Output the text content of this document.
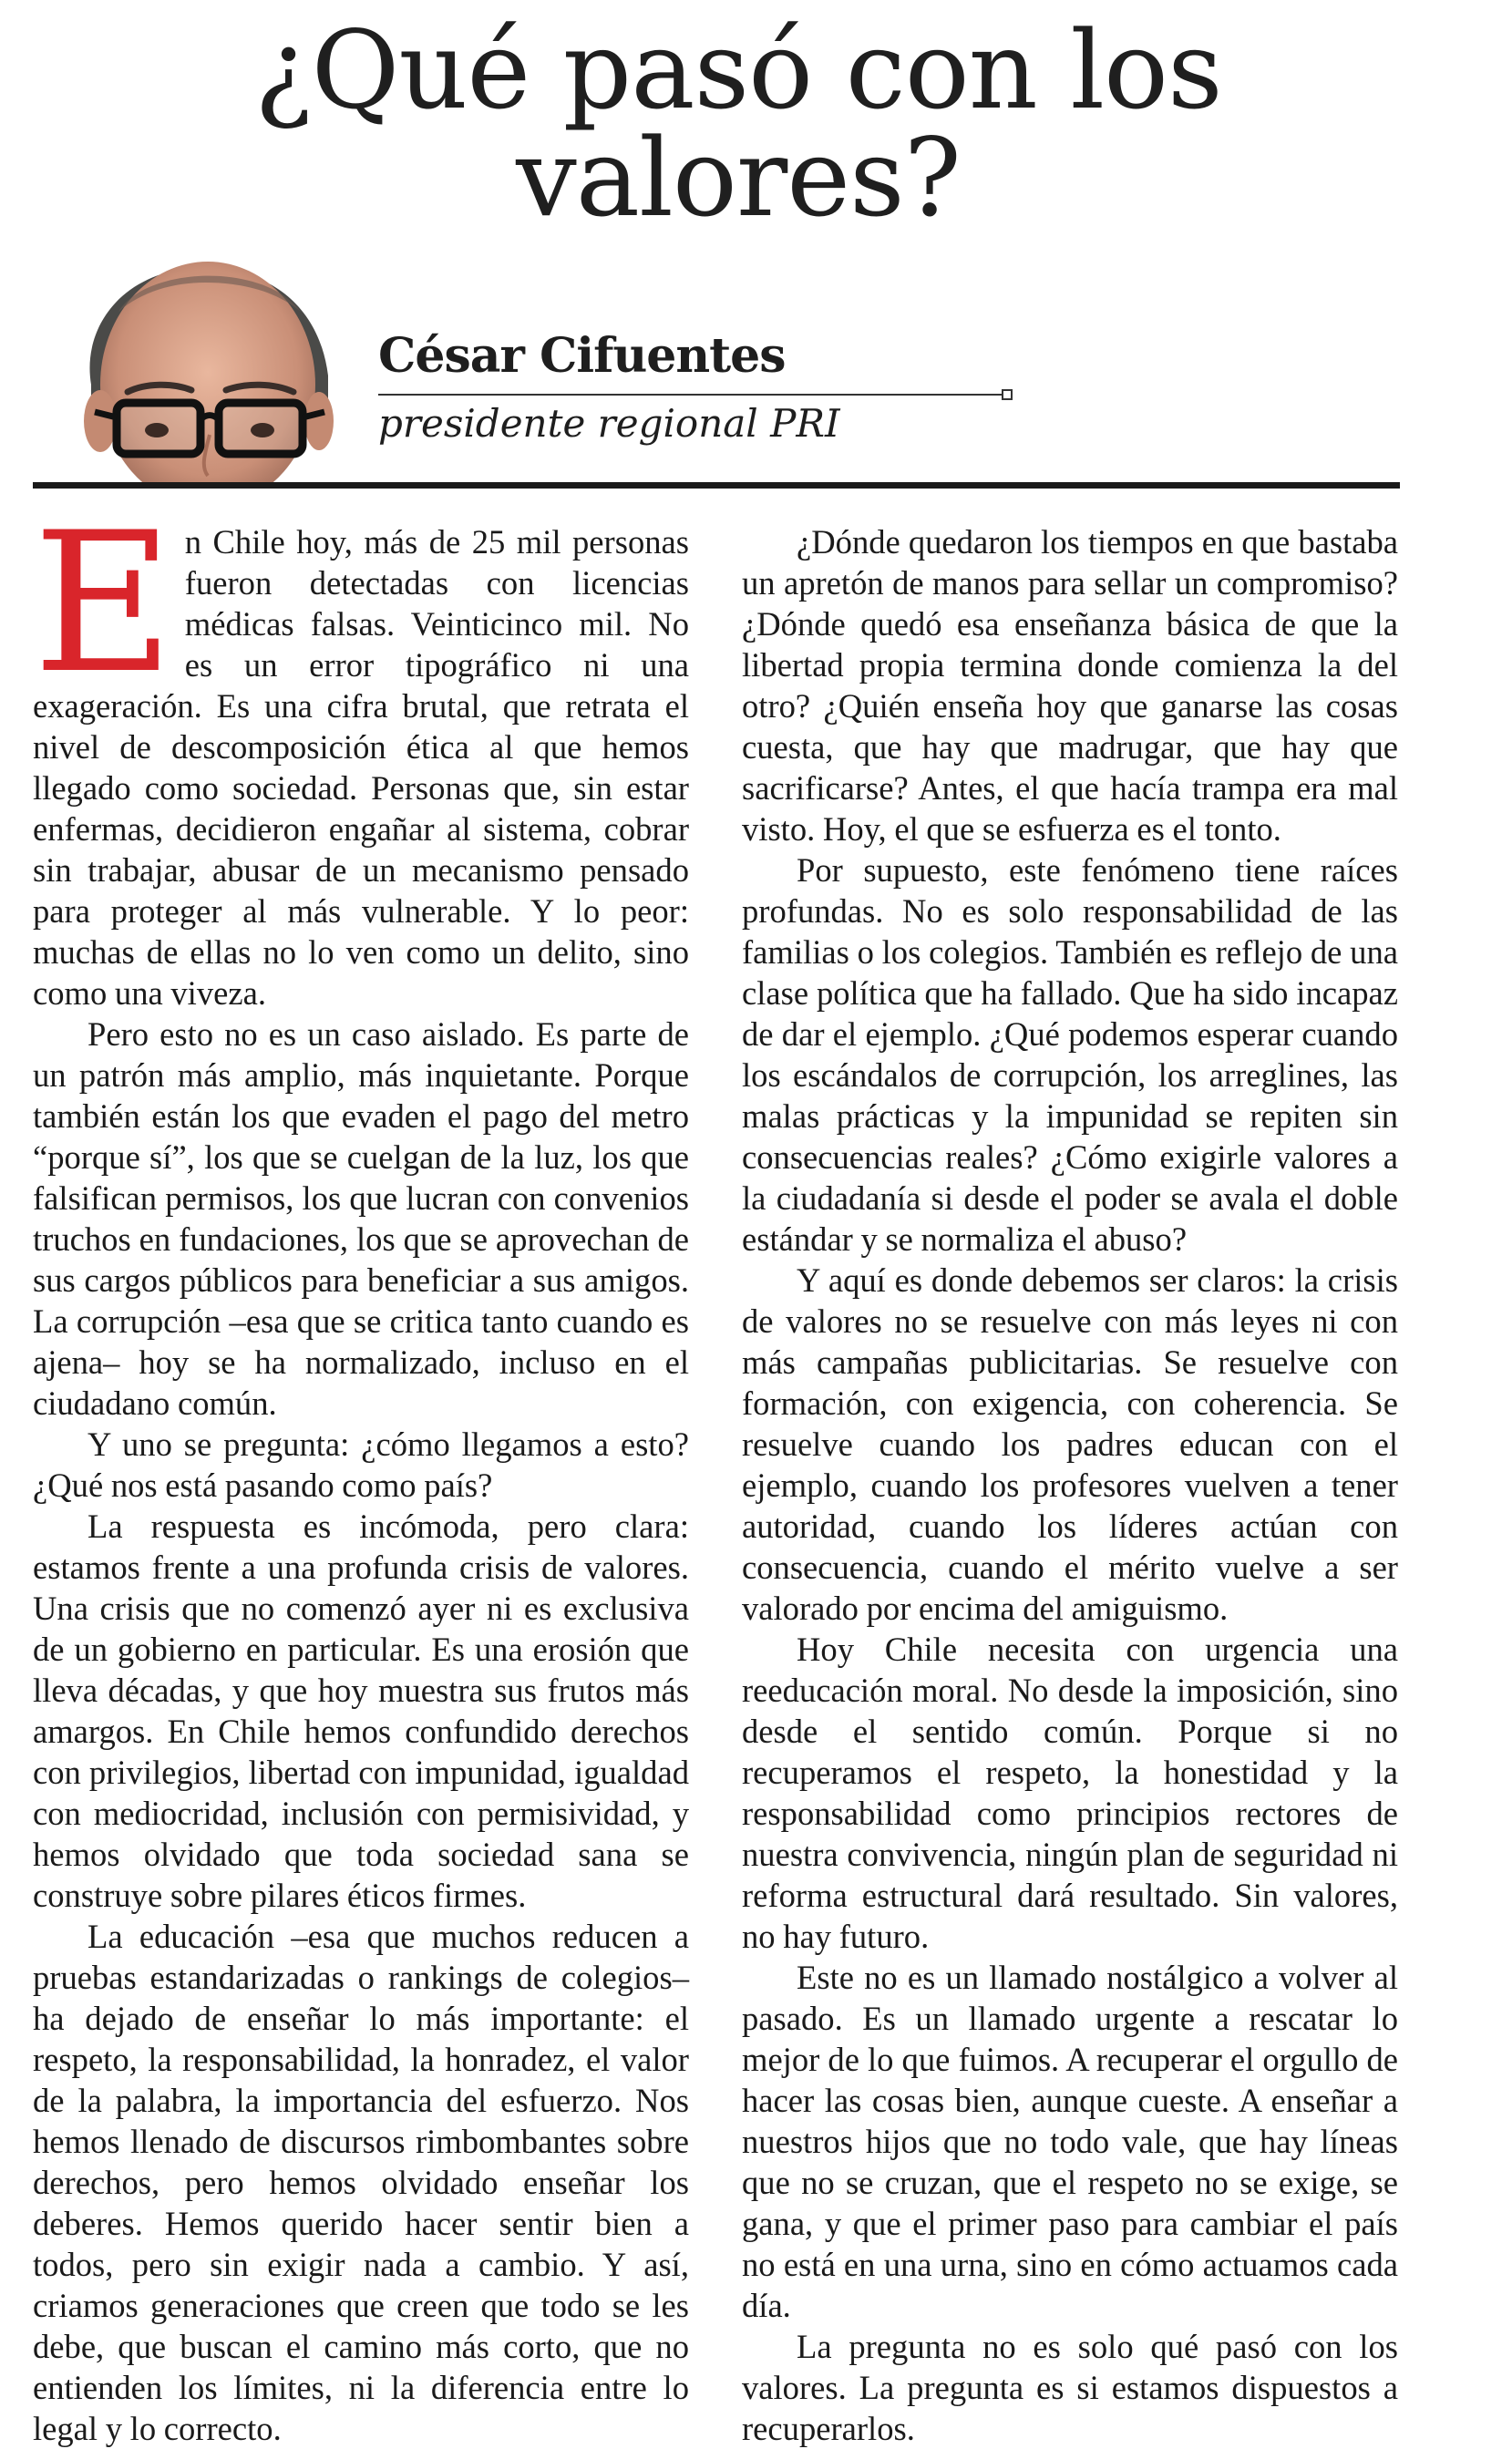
¿Qué pasó con los valores?
César Cifuentes
presidente regional PRI

En Chile hoy, más de 25 mil personas fueron detectadas con licencias médicas falsas. Veinticinco mil. No es un error tipográfico ni una exageración. Es una cifra brutal, que retrata el nivel de descomposición ética al que hemos llegado como sociedad. Personas que, sin estar enfermas, decidieron engañar al sistema, cobrar sin trabajar, abusar de un mecanismo pensado para proteger al más vulnerable. Y lo peor: muchas de ellas no lo ven como un delito, sino como una viveza.

Pero esto no es un caso aislado. Es parte de un patrón más amplio, más inquietante. Porque también están los que evaden el pago del metro “porque sí”, los que se cuelgan de la luz, los que falsifican permisos, los que lucran con convenios truchos en fundaciones, los que se aprovechan de sus cargos públicos para beneficiar a sus amigos. La corrupción –esa que se critica tanto cuando es ajena– hoy se ha normalizado, incluso en el ciudadano común.

Y uno se pregunta: ¿cómo llegamos a esto? ¿Qué nos está pasando como país?

La respuesta es incómoda, pero clara: estamos frente a una profunda crisis de valores. Una crisis que no comenzó ayer ni es exclusiva de un gobierno en particular. Es una erosión que lleva décadas, y que hoy muestra sus frutos más amargos. En Chile hemos confundido derechos con privilegios, libertad con impunidad, igualdad con mediocridad, inclusión con permisividad, y hemos olvidado que toda sociedad sana se construye sobre pilares éticos firmes.

La educación –esa que muchos reducen a pruebas estandarizadas o rankings de colegios– ha dejado de enseñar lo más importante: el respeto, la responsabilidad, la honradez, el valor de la palabra, la importancia del esfuerzo. Nos hemos llenado de discursos rimbombantes sobre derechos, pero hemos olvidado enseñar los deberes. Hemos querido hacer sentir bien a todos, pero sin exigir nada a cambio. Y así, criamos generaciones que creen que todo se les debe, que buscan el camino más corto, que no entienden los límites, ni la diferencia entre lo legal y lo correcto.

¿Dónde quedaron los tiempos en que bastaba un apretón de manos para sellar un compromiso? ¿Dónde quedó esa enseñanza básica de que la libertad propia termina donde comienza la del otro? ¿Quién enseña hoy que ganarse las cosas cuesta, que hay que madrugar, que hay que sacrificarse? Antes, el que hacía trampa era mal visto. Hoy, el que se esfuerza es el tonto.

Por supuesto, este fenómeno tiene raíces profundas. No es solo responsabilidad de las familias o los colegios. También es reflejo de una clase política que ha fallado. Que ha sido incapaz de dar el ejemplo. ¿Qué podemos esperar cuando los escándalos de corrupción, los arreglines, las malas prácticas y la impunidad se repiten sin consecuencias reales? ¿Cómo exigirle valores a la ciudadanía si desde el poder se avala el doble estándar y se normaliza el abuso?

Y aquí es donde debemos ser claros: la crisis de valores no se resuelve con más leyes ni con más campañas publicitarias. Se resuelve con formación, con exigencia, con coherencia. Se resuelve cuando los padres educan con el ejemplo, cuando los profesores vuelven a tener autoridad, cuando los líderes actúan con consecuencia, cuando el mérito vuelve a ser valorado por encima del amiguismo.

Hoy Chile necesita con urgencia una reeducación moral. No desde la imposición, sino desde el sentido común. Porque si no recuperamos el respeto, la honestidad y la responsabilidad como principios rectores de nuestra convivencia, ningún plan de seguridad ni reforma estructural dará resultado. Sin valores, no hay futuro.

Este no es un llamado nostálgico a volver al pasado. Es un llamado urgente a rescatar lo mejor de lo que fuimos. A recuperar el orgullo de hacer las cosas bien, aunque cueste. A enseñar a nuestros hijos que no todo vale, que hay líneas que no se cruzan, que el respeto no se exige, se gana, y que el primer paso para cambiar el país no está en una urna, sino en cómo actuamos cada día.

La pregunta no es solo qué pasó con los valores. La pregunta es si estamos dispuestos a recuperarlos.
